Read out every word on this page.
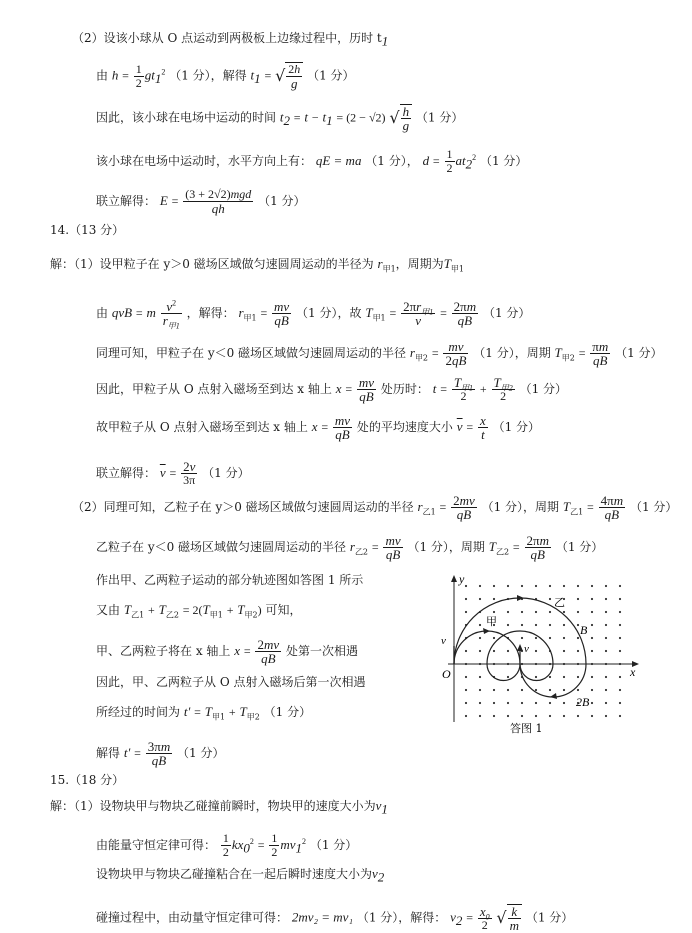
（2）设该小球从 O 点运动到两极板上边缘过程中，历时 $t_1$
由 $h = \frac{1}{2} gt_1^2$ （1 分），解得 $t_1$ = √ $\frac{2h}{g} (1$ 分）
因此，该小球在电场中运动的时间 $t_2 = t - t_1 = (2 - √2)$ √ $\frac{h}{g} (1$ 分）
该小球在电场中运动时，水平方向上有： qE = ma （1 分）， $d = \frac{1}{2} at_2^2$ （1 分）
联立解得： $E = \frac{\text{(3 + 2√2)mgd}}{qh} (1$ 分）
14.（13 分）
解：（1）设甲粒子在 y＞0 磁场区域做匀速圆周运动的半径为 $r_{甲1}$，周期为$T_{甲1}$
由 qvB = m $\frac{v^2}{r_{甲1}}$ ，解得： $r_{甲1} = \frac{mv}{qB} (1$ 分），故 $T_{甲1} = \frac{2\pi r_{甲1}}{v} = \frac{2\pi m}{qB} (1$ 分）
同理可知，甲粒子在 y＜0 磁场区域做匀速圆周运动的半径 $r_{甲2} = \frac{mv}{2qB} (1$ 分），周期 $T_{甲2} = \frac{\pi m}{qB} (1$ 分）
因此，甲粒子从 O 点射入磁场至到达 x 轴上 $x = \frac{mv}{qB}$ 处历时： $t = \frac{T_{甲1}}{2} + \frac{T_{甲2}}{2} (1$ 分）
故甲粒子从 O 点射入磁场至到达 x 轴上 $x = \frac{mv}{qB}$ 处的平均速度大小 $\overline{v} = \frac{x}{t} (1$ 分）
联立解得： $\overline{v} = \frac{2v}{3\pi} (1$ 分）
（2）同理可知，乙粒子在 y＞0 磁场区域做匀速圆周运动的半径 $r_{乙1} = \frac{2mv}{qB} (1$ 分），周期 $T_{乙1} = \frac{4\pi m}{qB} (1$ 分）
乙粒子在 y＜0 磁场区域做匀速圆周运动的半径 $r_{乙2} = \frac{mv}{qB} (1$ 分），周期 $T_{乙2} = \frac{2\pi m}{qB} (1$ 分）
作出甲、乙两粒子运动的部分轨迹图如答图 1 所示
又由 $T_{乙1} + T_{乙2} = 2(T_{甲1} + T_{甲2})$ 可知，
甲、乙两粒子将在 x 轴上 $x = \frac{2mv}{qB}$ 处第一次相遇
因此，甲、乙两粒子从 O 点射入磁场后第一次相遇
所经过的时间为 $t' = T_{甲1} + T_{甲2}$ （1 分）
解得 $t' = \frac{3\pi m}{qB} (1$ 分）
y
x
O
v
v
甲
乙
B
2B
答图 1
15.（18 分）
解：（1）设物块甲与物块乙碰撞前瞬时，物块甲的速度大小为$v_1$
由能量守恒定律可得： $\frac{1}{2} kx_0^2 = \frac{1}{2} mv_1^2$ （1 分）
设物块甲与物块乙碰撞粘合在一起后瞬时速度大小为$v_2$
碰撞过程中，由动量守恒定律可得： 2mv₂ = mv₁ （1 分），解得： $v_2 = \frac{x_0}{2}$ √ $\frac{k}{m} (1$ 分）
